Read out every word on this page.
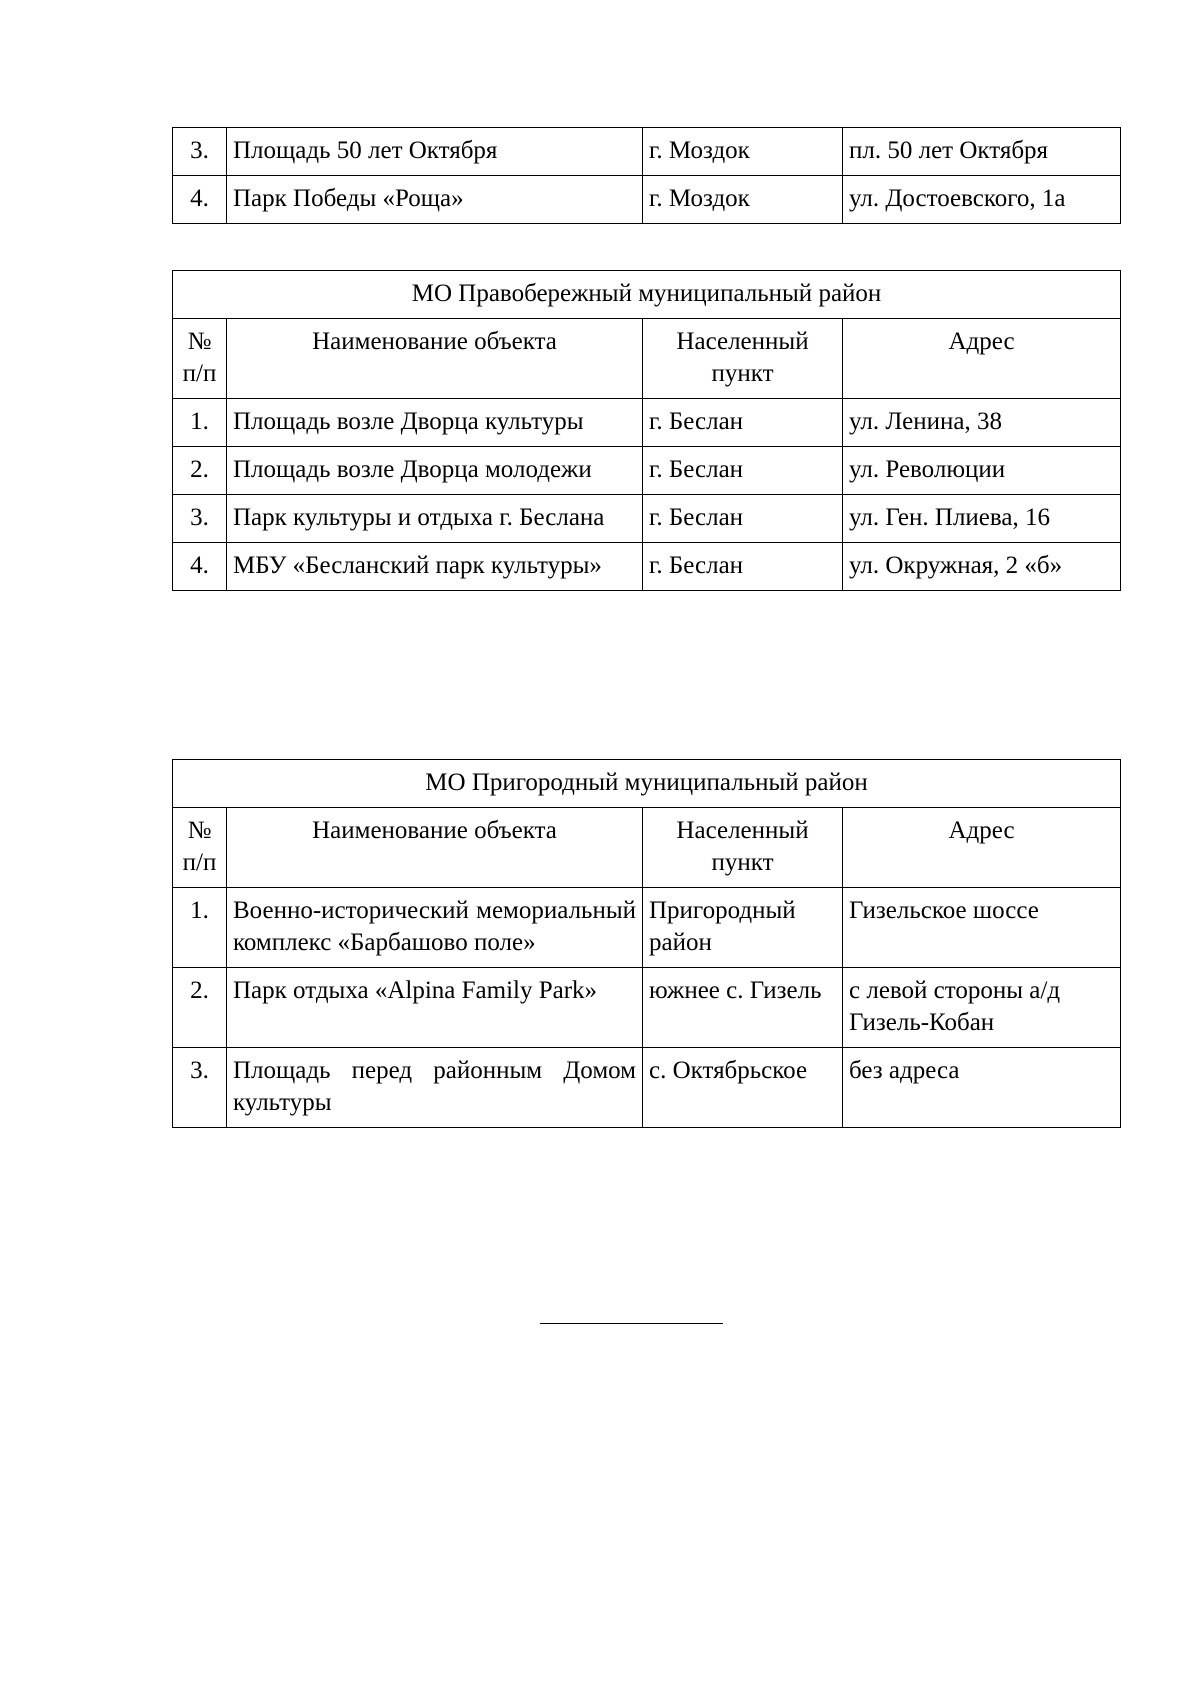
3.	Площадь 50 лет Октября	г. Моздок	пл. 50 лет Октября
4.	Парк Победы «Роща»	г. Моздок	ул. Достоевского, 1а
МО Правобережный муниципальный район			
№ п/п	Наименование объекта	Населенный пункт	Адрес
1.	Площадь возле Дворца культуры	г. Беслан	ул. Ленина, 38
2.	Площадь возле Дворца молодежи	г. Беслан	ул. Революции
3.	Парк культуры и отдыха г. Беслана	г. Беслан	ул. Ген. Плиева, 16
4.	МБУ «Бесланский парк культуры»	г. Беслан	ул. Окружная, 2 «б»
МО Пригородный муниципальный район			
№ п/п	Наименование объекта	Населенный пункт	Адрес
1.	Военно-исторический мемориальный комплекс «Барбашово поле»	Пригородный район	Гизельское шоссе
2.	Парк отдыха «Alpina Family Park»	южнее с. Гизель	с левой стороны а/д Гизель-Кобан
3.	Площадь перед районным Домом культуры	с. Октябрьское	без адреса
